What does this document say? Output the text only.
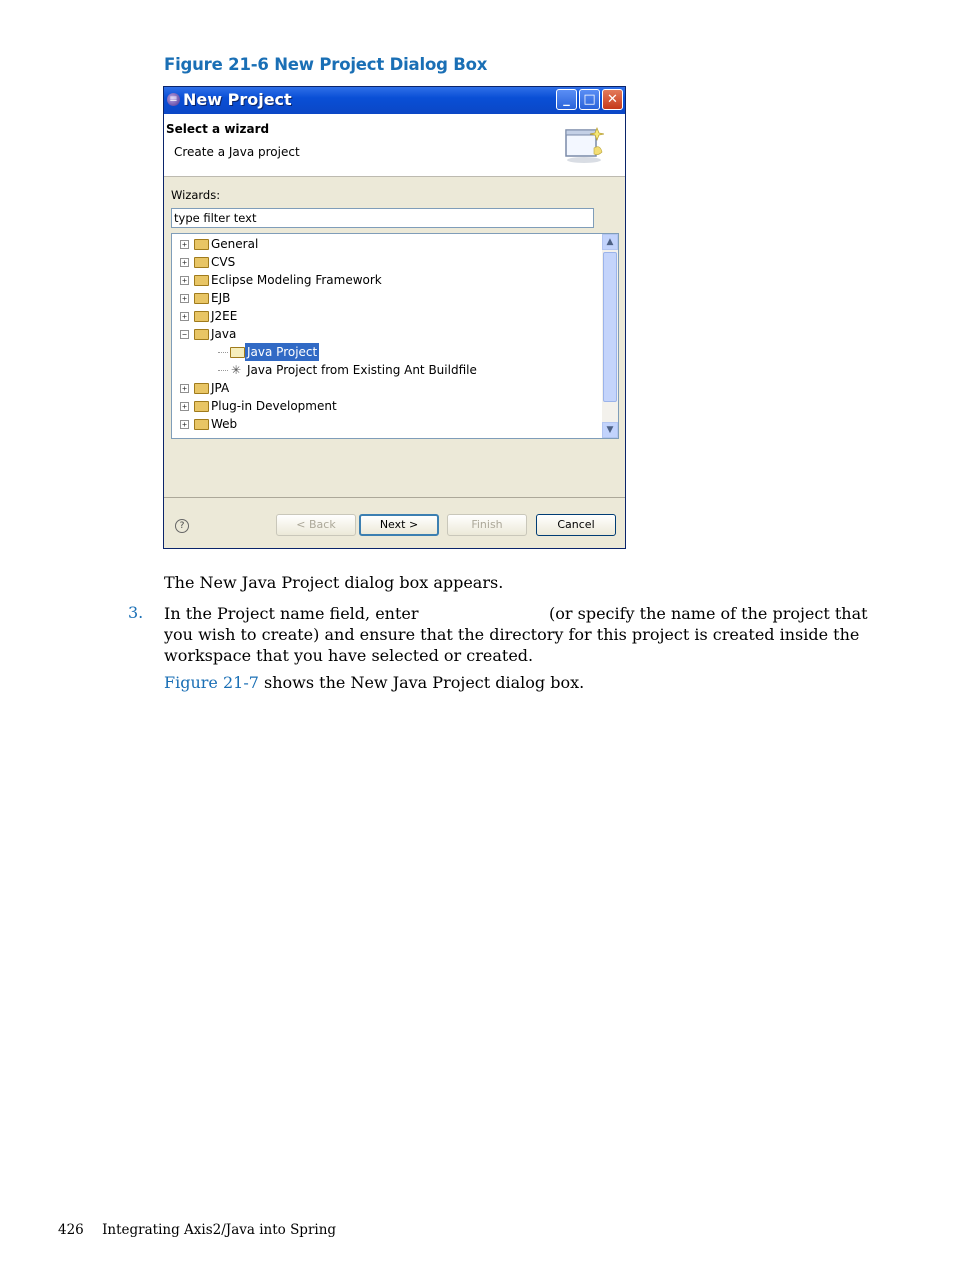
Figure 21-6 New Project Dialog Box
≡ New Project	_	□ ✕
Select a wizard
Create a Java project
Wizards:
type filter text
+ General
+ CVS
+ Eclipse Modeling Framework
+ EJB
+ J2EE
− Java
Java Project
✳ Java Project from Existing Ant Buildfile
+ JPA
+ Plug-in Development
+ Web
▲
▼
?	< Back	Next >	Finish	Cancel
The New Java Project dialog box appears.
3. In the Project name field, enter	(or specify the name of the project that
you wish to create) and ensure that the directory for this project is created inside the
workspace that you have selected or created.
Figure 21-7 shows the New Java Project dialog box.
426 Integrating Axis2/Java into Spring
